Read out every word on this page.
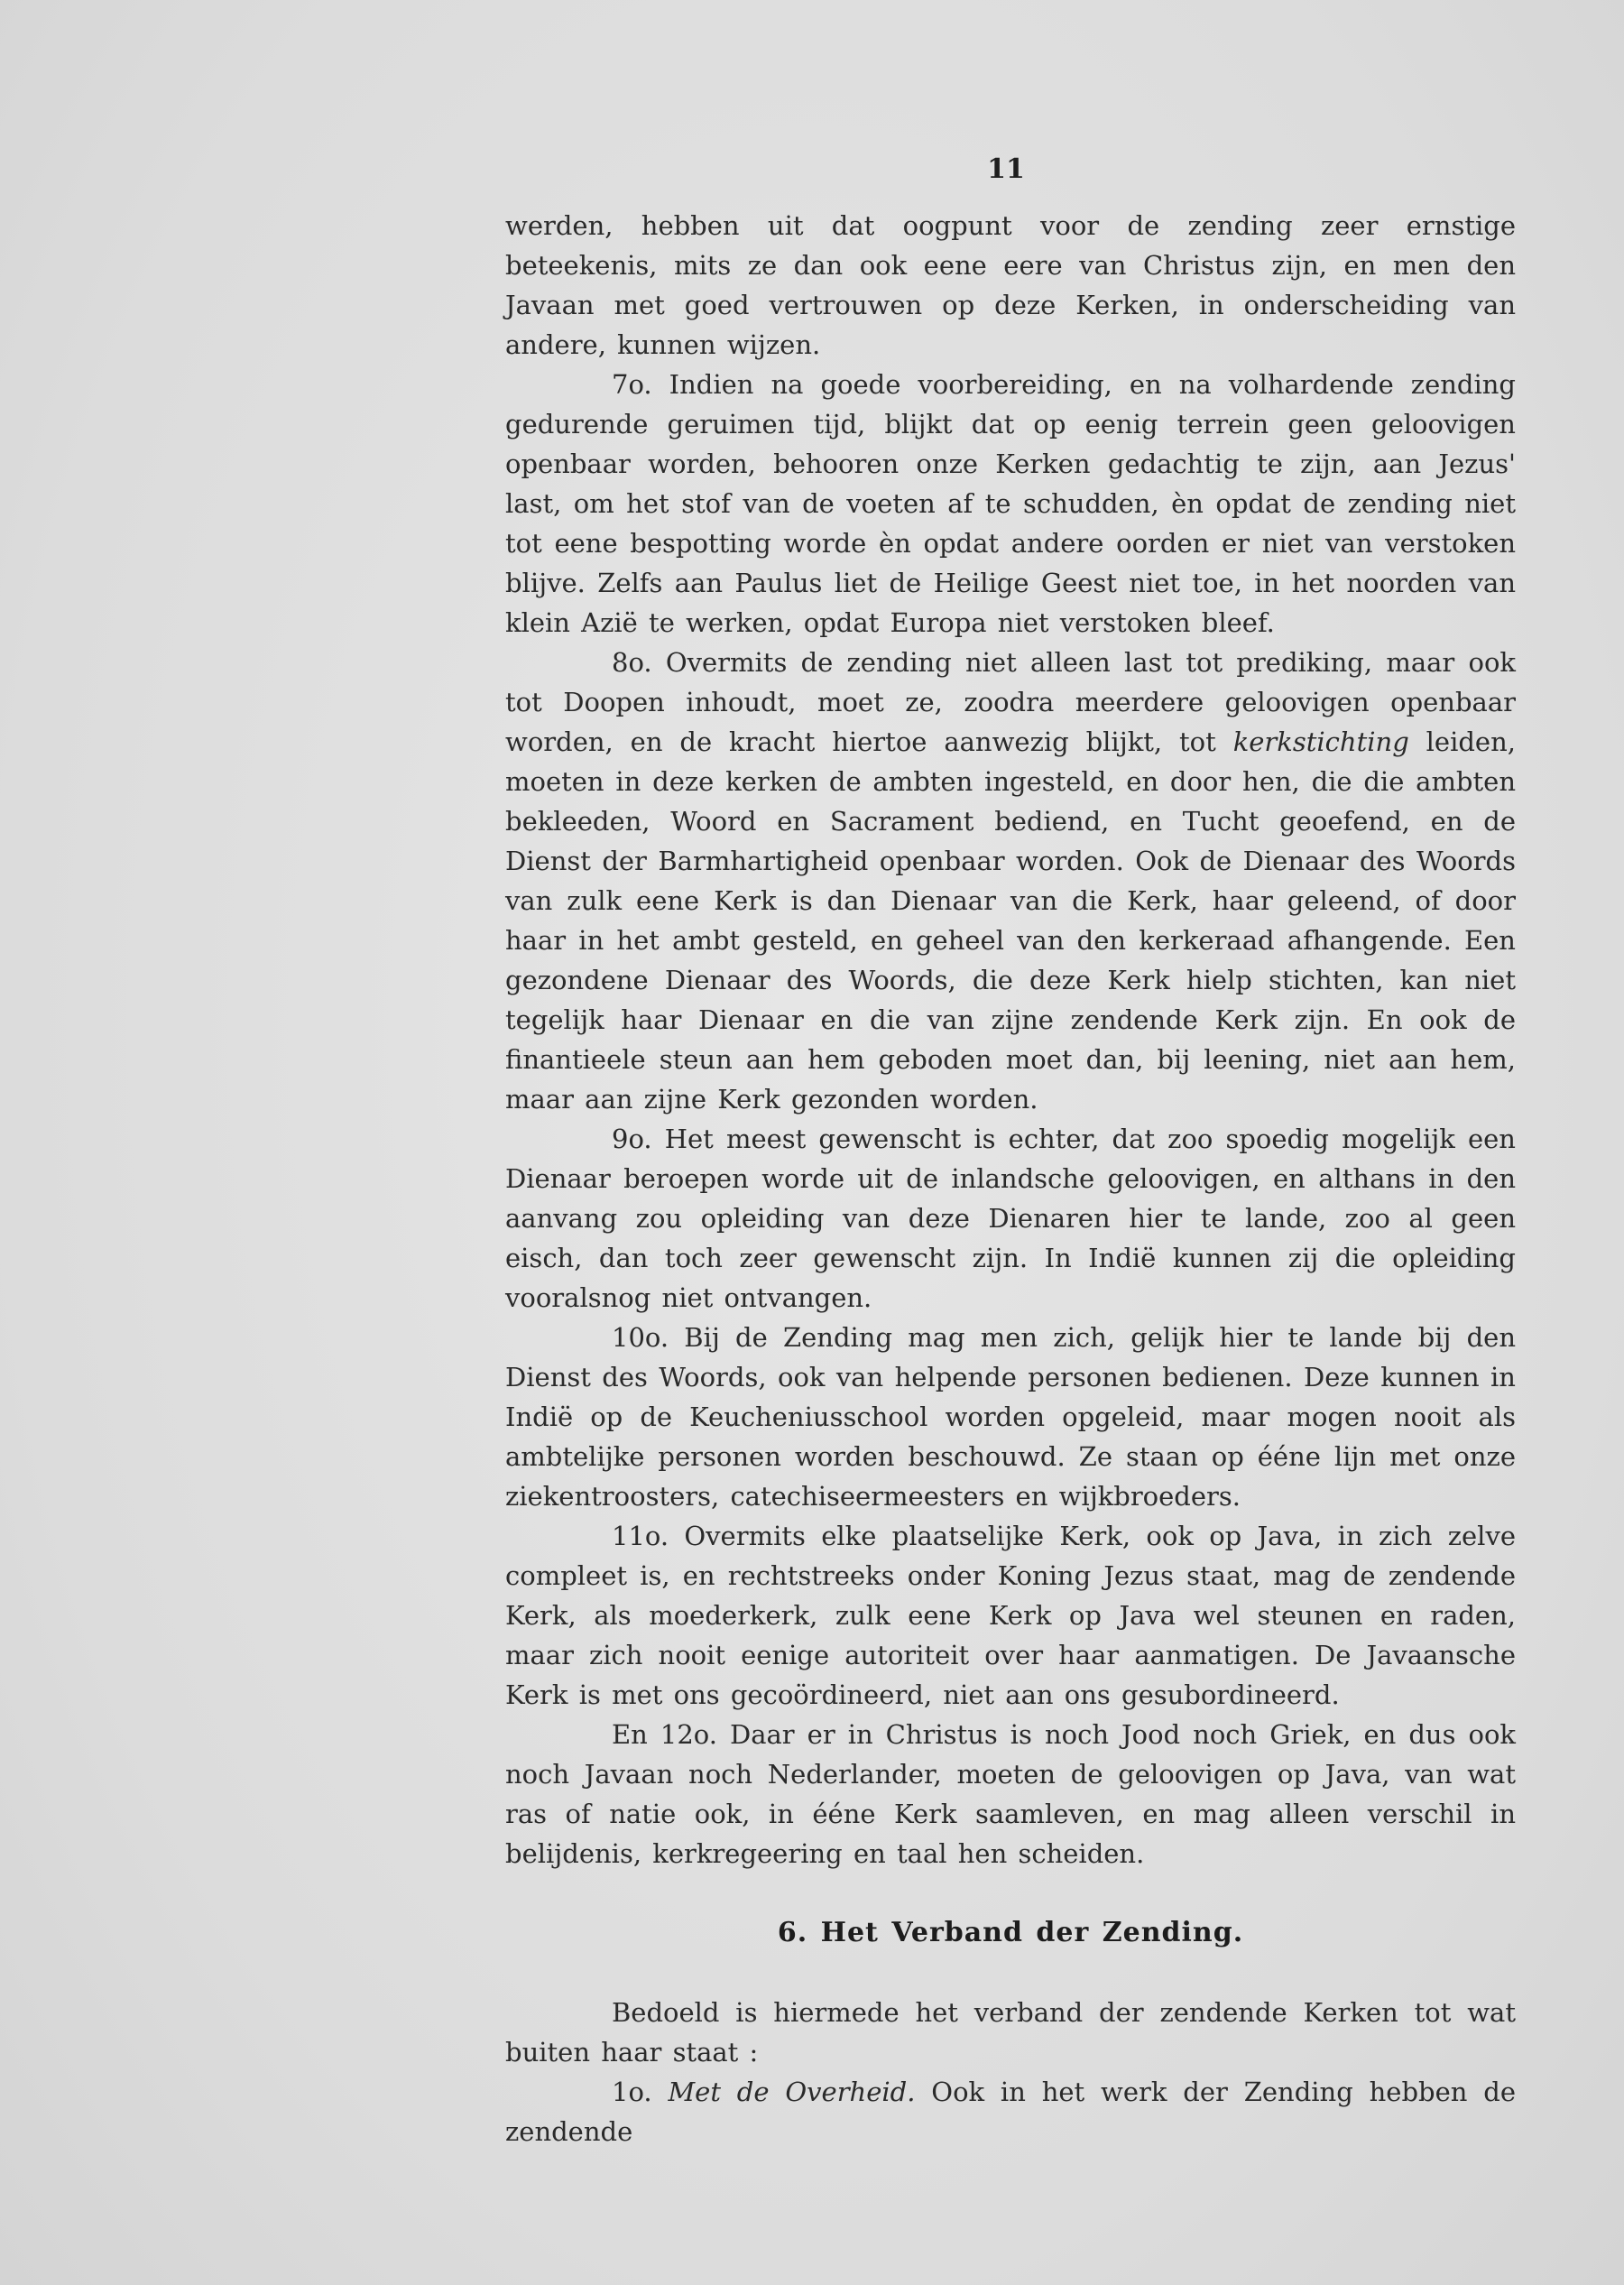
11

werden, hebben uit dat oogpunt voor de zending zeer ernstige beteekenis, mits ze dan ook eene eere van Christus zijn, en men den Javaan met goed vertrouwen op deze Kerken, in onderscheiding van andere, kunnen wijzen.

7o. Indien na goede voorbereiding, en na volhardende zending gedurende geruimen tijd, blijkt dat op eenig terrein geen geloovigen openbaar worden, behooren onze Kerken gedachtig te zijn, aan Jezus' last, om het stof van de voeten af te schudden, èn opdat de zending niet tot eene bespotting worde èn opdat andere oorden er niet van verstoken blijve. Zelfs aan Paulus liet de Heilige Geest niet toe, in het noorden van klein Azië te werken, opdat Europa niet verstoken bleef.

8o. Overmits de zending niet alleen last tot prediking, maar ook tot Doopen inhoudt, moet ze, zoodra meerdere geloovigen openbaar worden, en de kracht hiertoe aanwezig blijkt, tot kerkstichting leiden, moeten in deze kerken de ambten ingesteld, en door hen, die die ambten bekleeden, Woord en Sacrament bediend, en Tucht geoefend, en de Dienst der Barmhartigheid openbaar worden. Ook de Dienaar des Woords van zulk eene Kerk is dan Dienaar van die Kerk, haar geleend, of door haar in het ambt gesteld, en geheel van den kerkeraad afhangende. Een gezondene Dienaar des Woords, die deze Kerk hielp stichten, kan niet tegelijk haar Dienaar en die van zijne zendende Kerk zijn. En ook de finantieele steun aan hem geboden moet dan, bij leening, niet aan hem, maar aan zijne Kerk gezonden worden.

9o. Het meest gewenscht is echter, dat zoo spoedig mogelijk een Dienaar beroepen worde uit de inlandsche geloovigen, en althans in den aanvang zou opleiding van deze Dienaren hier te lande, zoo al geen eisch, dan toch zeer gewenscht zijn. In Indië kunnen zij die opleiding vooralsnog niet ontvangen.

10o. Bij de Zending mag men zich, gelijk hier te lande bij den Dienst des Woords, ook van helpende personen bedienen. Deze kunnen in Indië op de Keucheniusschool worden opgeleid, maar mogen nooit als ambtelijke personen worden beschouwd. Ze staan op ééne lijn met onze ziekentroosters, catechiseermeesters en wijkbroeders.

11o. Overmits elke plaatselijke Kerk, ook op Java, in zich zelve compleet is, en rechtstreeks onder Koning Jezus staat, mag de zendende Kerk, als moederkerk, zulk eene Kerk op Java wel steunen en raden, maar zich nooit eenige autoriteit over haar aanmatigen. De Javaansche Kerk is met ons gecoördineerd, niet aan ons gesubordineerd.

En 12o. Daar er in Christus is noch Jood noch Griek, en dus ook noch Javaan noch Nederlander, moeten de geloovigen op Java, van wat ras of natie ook, in ééne Kerk saamleven, en mag alleen verschil in belijdenis, kerkregeering en taal hen scheiden.

6. Het Verband der Zending.

Bedoeld is hiermede het verband der zendende Kerken tot wat buiten haar staat :

1o. Met de Overheid. Ook in het werk der Zending hebben de zendende
